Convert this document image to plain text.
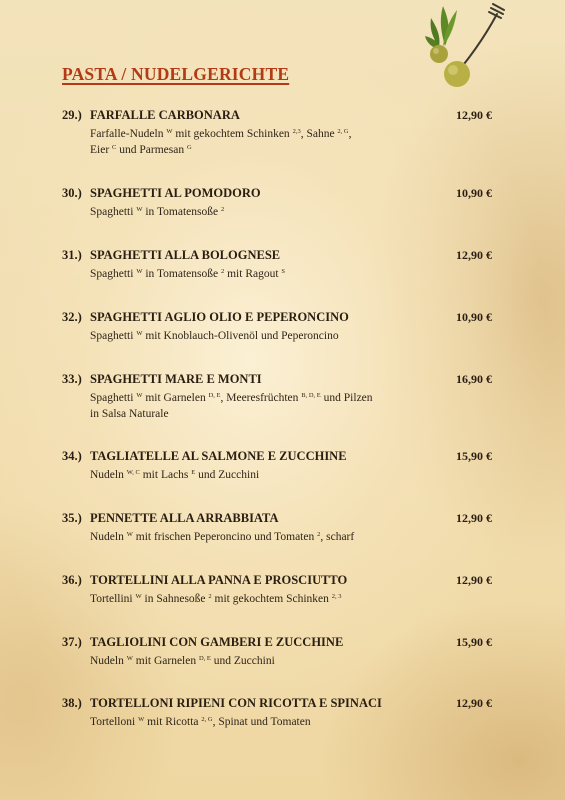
PASTA / NUDELGERICHTE
29.) FARFALLE CARBONARA	12,90 €
Farfalle-Nudeln $^W$ mit gekochtem Schinken $^{2,3}$, Sahne $^{2, G}$,
Eier $^C$ und Parmesan $^G$
30.) SPAGHETTI AL POMODORO	10,90 €
Spaghetti $^W$ in Tomatensoße $^2$
31.) SPAGHETTI ALLA BOLOGNESE	12,90 €
Spaghetti $^W$ in Tomatensoße $^2$ mit Ragout $^S$
32.) SPAGHETTI AGLIO OLIO E PEPERONCINO	10,90 €
Spaghetti $^W$ mit Knoblauch-Olivenöl und Peperoncino
33.) SPAGHETTI MARE E MONTI	16,90 €
Spaghetti $^W$ mit Garnelen $^{D, E}$, Meeresfrüchten $^{B, D, E}$ und Pilzen
in Salsa Naturale
34.) TAGLIATELLE AL SALMONE E ZUCCHINE	15,90 €
Nudeln $^{W, C}$ mit Lachs $^E$ und Zucchini
35.) PENNETTE ALLA ARRABBIATA	12,90 €
Nudeln $^W$ mit frischen Peperoncino und Tomaten $^2$, scharf
36.) TORTELLINI ALLA PANNA E PROSCIUTTO	12,90 €
Tortellini $^W$ in Sahnesoße $^2$ mit gekochtem Schinken $^{2, 3}$
37.) TAGLIOLINI CON GAMBERI E ZUCCHINE	15,90 €
Nudeln $^W$ mit Garnelen $^{D, E}$ und Zucchini
38.) TORTELLONI RIPIENI CON RICOTTA E SPINACI	12,90 €
Tortelloni $^W$ mit Ricotta $^{2, G}$, Spinat und Tomaten
